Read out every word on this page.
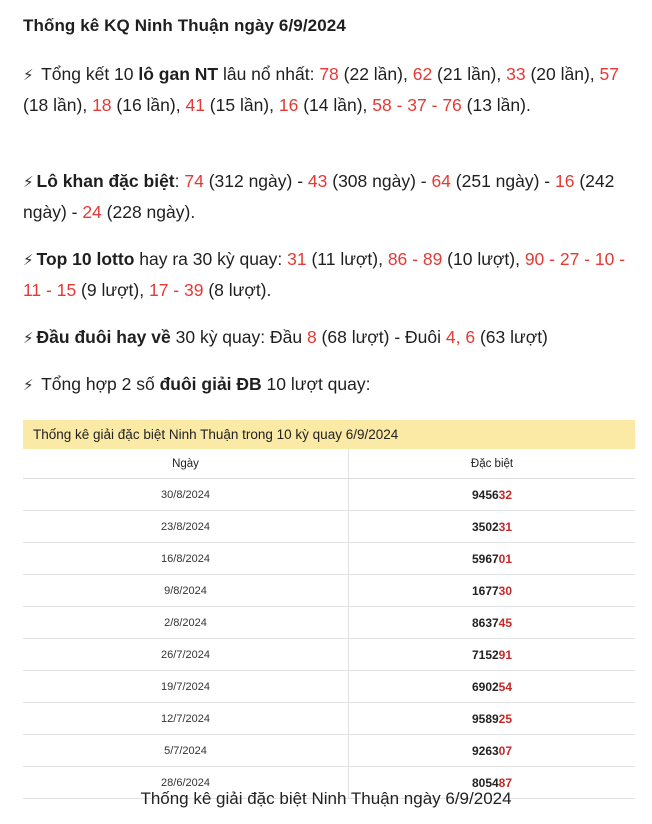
Thống kê KQ Ninh Thuận ngày 6/9/2024

⚡ Tổng kết 10 lô gan NT lâu nổ nhất: 78 (22 lần), 62 (21 lần), 33 (20 lần), 57 (18 lần), 18 (16 lần), 41 (15 lần), 16 (14 lần), 58 - 37 - 76 (13 lần).

⚡ Lô khan đặc biệt: 74 (312 ngày) - 43 (308 ngày) - 64 (251 ngày) - 16 (242 ngày) - 24 (228 ngày).

⚡ Top 10 lotto hay ra 30 kỳ quay: 31 (11 lượt), 86 - 89 (10 lượt), 90 - 27 - 10 - 11 - 15 (9 lượt), 17 - 39 (8 lượt).

⚡ Đầu đuôi hay về 30 kỳ quay: Đầu 8 (68 lượt) - Đuôi 4, 6 (63 lượt)

⚡ Tổng hợp 2 số đuôi giải ĐB 10 lượt quay:

Thống kê giải đặc biệt Ninh Thuận trong 10 kỳ quay 6/9/2024
Ngày	Đặc biệt
30/8/2024	945632
23/8/2024	350231
16/8/2024	596701
9/8/2024	167730
2/8/2024	863745
26/7/2024	715291
19/7/2024	690254
12/7/2024	958925
5/7/2024	926307
28/6/2024	805487
Thống kê giải đặc biệt Ninh Thuận ngày 6/9/2024
